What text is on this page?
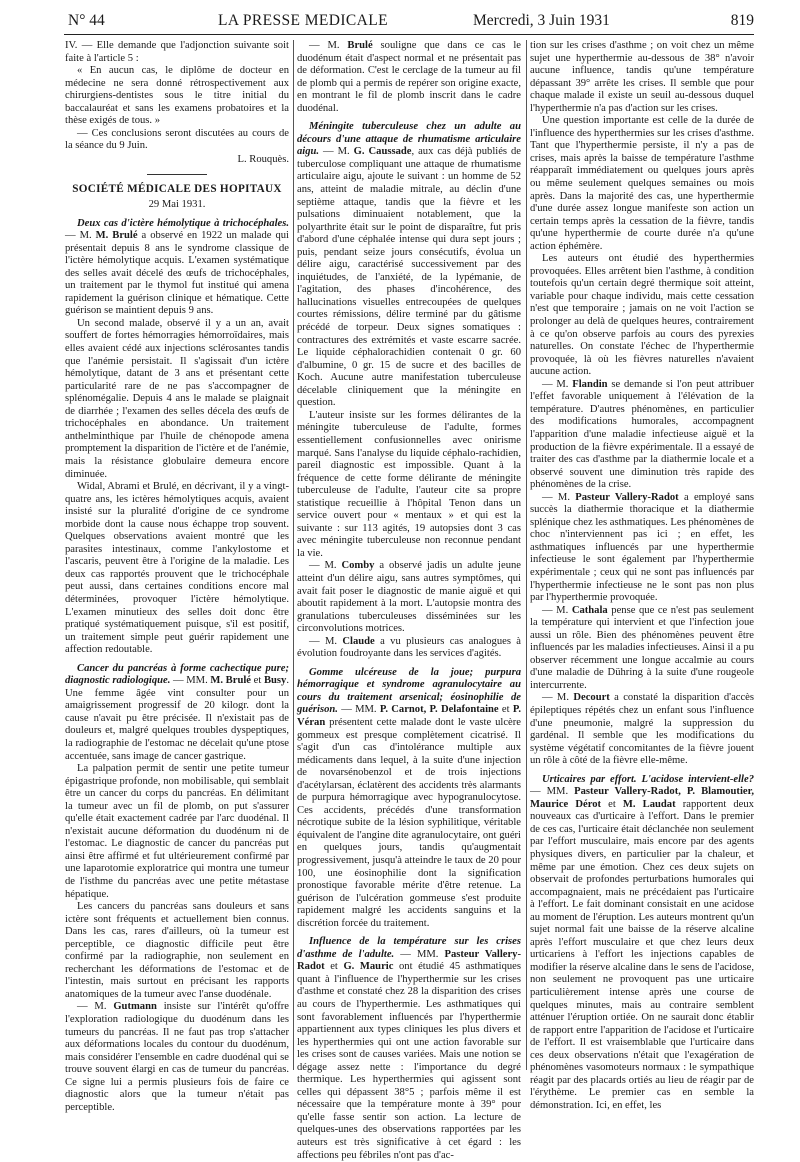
N° 44	LA PRESSE MEDICALE	Mercredi, 3 Juin 1931	819

IV. — Elle demande que l'adjonction suivante soit faite à l'article 5 :

« En aucun cas, le diplôme de docteur en médecine ne sera donné rétrospectivement aux chirurgiens-dentistes sous le titre initial du baccalauréat et sans les examens probatoires et la thèse exigés de tous. »

— Ces conclusions seront discutées au cours de la séance du 9 Juin.

L. Rouquès.

SOCIÉTÉ MÉDICALE DES HOPITAUX

29 Mai 1931.

Deux cas d'ictère hémolytique à trichocéphales. — M. M. Brulé a observé en 1922 un malade qui présentait depuis 8 ans le syndrome classique de l'ictère hémolytique acquis. L'examen systématique des selles avait décelé des œufs de trichocéphales, un traitement par le thymol fut institué qui amena rapidement la guérison clinique et hématique. Cette guérison se maintient depuis 9 ans.

Un second malade, observé il y a un an, avait souffert de fortes hémorragies hémorroïdaires, mais elles avaient cédé aux injections sclérosantes tandis que l'anémie persistait. Il s'agissait d'un ictère hémolytique, datant de 3 ans et présentant cette particularité rare de ne pas s'accompagner de splénomégalie. Depuis 4 ans le malade se plaignait de diarrhée ; l'examen des selles décela des œufs de trichocéphales en abondance. Un traitement anthelminthique par l'huile de chénopode amena promptement la disparition de l'ictère et de l'anémie, mais la résistance globulaire demeura encore diminuée.

Widal, Abrami et Brulé, en décrivant, il y a vingt-quatre ans, les ictères hémolytiques acquis, avaient insisté sur la pluralité d'origine de ce syndrome morbide dont la cause nous échappe trop souvent. Quelques observations avaient montré que les parasites intestinaux, comme l'ankylostome et l'ascaris, peuvent être à l'origine de la maladie. Les deux cas rapportés prouvent que le trichocéphale peut aussi, dans certaines conditions encore mal déterminées, provoquer l'ictère hémolytique. L'examen minutieux des selles doit donc être pratiqué systématiquement puisque, s'il est positif, un traitement simple peut guérir rapidement une affection redoutable.

Cancer du pancréas à forme cachectique pure; diagnostic radiologique. — MM. M. Brulé et Busy. Une femme âgée vint consulter pour un amaigrissement progressif de 20 kilogr. dont la cause n'avait pu être précisée. Il n'existait pas de douleurs et, malgré quelques troubles dyspeptiques, la radiographie de l'estomac ne décelait qu'une ptose accentuée, sans image de cancer gastrique.

La palpation permit de sentir une petite tumeur épigastrique profonde, non mobilisable, qui semblait être un cancer du corps du pancréas. En délimitant la tumeur avec un fil de plomb, on put s'assurer qu'elle était exactement cadrée par l'arc duodénal. Il n'existait aucune déformation du duodénum ni de l'estomac. Le diagnostic de cancer du pancréas put ainsi être affirmé et fut ultérieurement confirmé par une laparotomie exploratrice qui montra une tumeur de l'isthme du pancréas avec une petite métastase hépatique.

Les cancers du pancréas sans douleurs et sans ictère sont fréquents et actuellement bien connus. Dans les cas, rares d'ailleurs, où la tumeur est perceptible, ce diagnostic difficile peut être confirmé par la radiographie, non seulement en recherchant les déformations de l'estomac et de l'intestin, mais surtout en précisant les rapports anatomiques de la tumeur avec l'anse duodénale.

— M. Gutmann insiste sur l'intérêt qu'offre l'exploration radiologique du duodénum dans les tumeurs du pancréas. Il ne faut pas trop s'attacher aux déformations locales du contour du duodénum, mais considérer l'ensemble en cadre duodénal qui se trouve souvent élargi en cas de tumeur du pancréas. Ce signe lui a permis plusieurs fois de faire ce diagnostic alors que la tumeur n'était pas perceptible.

— M. Brulé souligne que dans ce cas le duodénum était d'aspect normal et ne présentait pas de déformation. C'est le cerclage de la tumeur au fil de plomb qui a permis de repérer son origine exacte, en montrant le fil de plomb inscrit dans le cadre duodénal.

Méningite tuberculeuse chez un adulte au décours d'une attaque de rhumatisme articulaire aigu. — M. G. Caussade, aux cas déjà publiés de tuberculose compliquant une attaque de rhumatisme articulaire aigu, ajoute le suivant : un homme de 52 ans, atteint de maladie mitrale, au déclin d'une septième attaque, tandis que la fièvre et les pulsations diminuaient notablement, que la polyarthrite était sur le point de disparaître, fut pris d'abord d'une céphalée intense qui dura sept jours ; puis, pendant seize jours consécutifs, évolua un délire aigu, caractérisé successivement par des inquiétudes, de l'anxiété, de la lypémanie, de l'agitation, des phases d'incohérence, des hallucinations visuelles entrecoupées de quelques courtes rémissions, délire terminé par du gâtisme précédé de torpeur. Deux signes somatiques : contractures des extrémités et vaste escarre sacrée. Le liquide céphalorachidien contenait 0 gr. 60 d'albumine, 0 gr. 15 de sucre et des bacilles de Koch. Aucune autre manifestation tuberculeuse décelable cliniquement que la méningite en question.

L'auteur insiste sur les formes délirantes de la méningite tuberculeuse de l'adulte, formes essentiellement confusionnelles avec onirisme marqué. Sans l'analyse du liquide céphalo-rachidien, pareil diagnostic est impossible. Quant à la fréquence de cette forme délirante de méningite tuberculeuse de l'adulte, l'auteur cite sa propre statistique recueillie à l'hôpital Tenon dans un service ouvert pour « mentaux » et qui est la suivante : sur 113 agités, 19 autopsies dont 3 cas avec méningite tuberculeuse non reconnue pendant la vie.

— M. Comby a observé jadis un adulte jeune atteint d'un délire aigu, sans autres symptômes, qui avait fait poser le diagnostic de manie aiguë et qui aboutit rapidement à la mort. L'autopsie montra des granulations tuberculeuses disséminées sur les circonvolutions motrices.

— M. Claude a vu plusieurs cas analogues à évolution foudroyante dans les services d'agités.

Gomme ulcéreuse de la joue; purpura hémorragique et syndrome agranulocytaire au cours du traitement arsenical; éosinophilie de guérison. — MM. P. Carnot, P. Delafontaine et P. Véran présentent cette malade dont le vaste ulcère gommeux est presque complètement cicatrisé. Il s'agit d'un cas d'intolérance multiple aux médicaments dans lequel, à la suite d'une injection de novarsénobenzol et de trois injections d'acétylarsan, éclatèrent des accidents très alarmants de purpura hémorragique avec hypogranulocytose. Ces accidents, précédés d'une transformation nécrotique subite de la lésion syphilitique, véritable équivalent de l'angine dite agranulocytaire, ont guéri en quelques jours, tandis qu'augmentait progressivement, jusqu'à atteindre le taux de 20 pour 100, une éosinophilie dont la signification pronostique favorable mérite d'être retenue. La guérison de l'ulcération gommeuse s'est produite rapidement malgré les accidents sanguins et la discrétion forcée du traitement.

Influence de la température sur les crises d'asthme de l'adulte. — MM. Pasteur Vallery-Radot et G. Mauric ont étudié 45 asthmatiques quant à l'influence de l'hyperthermie sur les crises d'asthme et constaté chez 28 la disparition des crises au cours de l'hyperthermie. Les asthmatiques qui sont favorablement influencés par l'hyperthermie appartiennent aux types cliniques les plus divers et les hyperthermies qui ont une action favorable sur les crises sont de causes variées. Mais une notion se dégage assez nette : l'importance du degré thermique. Les hyperthermies qui agissent sont celles qui dépassent 38°5 ; parfois même il est nécessaire que la température monte à 39° pour qu'elle fasse sentir son action. La lecture de quelques-unes des observations rapportées par les auteurs est très significative à cet égard : les affections peu fébriles n'ont pas d'ac-

tion sur les crises d'asthme ; on voit chez un même sujet une hyperthermie au-dessous de 38° n'avoir aucune influence, tandis qu'une température dépassant 39° arrête les crises. Il semble que pour chaque malade il existe un seuil au-dessous duquel l'hyperthermie n'a pas d'action sur les crises.

Une question importante est celle de la durée de l'influence des hyperthermies sur les crises d'asthme. Tant que l'hyperthermie persiste, il n'y a pas de crises, mais après la baisse de température l'asthme réapparaît immédiatement ou quelques jours après ou même seulement quelques semaines ou mois après. Dans la majorité des cas, une hyperthermie d'une durée assez longue manifeste son action un certain temps après la cessation de la fièvre, tandis qu'une hyperthermie de courte durée n'a qu'une action éphémère.

Les auteurs ont étudié des hyperthermies provoquées. Elles arrêtent bien l'asthme, à condition toutefois qu'un certain degré thermique soit atteint, variable pour chaque individu, mais cette cessation n'est que temporaire ; jamais on ne voit l'action se prolonger au delà de quelques heures, contrairement à ce qu'on observe parfois au cours des pyrexies naturelles. On constate l'échec de l'hyperthermie provoquée, là où les fièvres naturelles n'avaient aucune action.

— M. Flandin se demande si l'on peut attribuer l'effet favorable uniquement à l'élévation de la température. D'autres phénomènes, en particulier des modifications humorales, accompagnent l'apparition d'une maladie infectieuse aiguë et la production de la fièvre expérimentale. Il a essayé de traiter des cas d'asthme par la diathermie locale et a observé souvent une diminution très rapide des phénomènes de la crise.

— M. Pasteur Vallery-Radot a employé sans succès la diathermie thoracique et la diathermie splénique chez les asthmatiques. Les phénomènes de choc n'interviennent pas ici ; en effet, les asthmatiques influencés par une hyperthermie infectieuse le sont également par l'hyperthermie expérimentale ; ceux qui ne sont pas influencés par l'hyperthermie infectieuse ne le sont pas non plus par l'hyperthermie provoquée.

— M. Cathala pense que ce n'est pas seulement la température qui intervient et que l'infection joue aussi un rôle. Bien des phénomènes peuvent être influencés par les maladies infectieuses. Ainsi il a pu observer récemment une longue accalmie au cours d'une maladie de Dühring à la suite d'une rougeole intercurrente.

— M. Decourt a constaté la disparition d'accès épileptiques répétés chez un enfant sous l'influence d'une pneumonie, malgré la suppression du gardénal. Il semble que les modifications du système végétatif concomitantes de la fièvre jouent un rôle à côté de la fièvre elle-même.

Urticaires par effort. L'acidose intervient-elle? — MM. Pasteur Vallery-Radot, P. Blamoutier, Maurice Dérot et M. Laudat rapportent deux nouveaux cas d'urticaire à l'effort. Dans le premier de ces cas, l'urticaire était déclanchée non seulement par l'effort musculaire, mais encore par des agents physiques divers, en particulier par la chaleur, et même par une émotion. Chez ces deux sujets on observait de profondes perturbations humorales qui accompagnaient, mais ne précédaient pas l'urticaire à l'effort. Le fait dominant consistait en une acidose au moment de l'éruption. Les auteurs montrent qu'un sujet normal fait une baisse de la réserve alcaline après l'effort musculaire et que chez leurs deux urticariens à l'effort les injections capables de modifier la réserve alcaline dans le sens de l'acidose, non seulement ne provoquent pas une urticaire particulièrement intense après une course de quelques minutes, mais au contraire semblent atténuer l'éruption ortiée. On ne saurait donc établir de rapport entre l'apparition de l'acidose et l'urticaire de l'effort. Il est vraisemblable que l'urticaire dans ces deux observations n'était que l'exagération de phénomènes vasomoteurs normaux : le sympathique réagit par des placards ortiés au lieu de réagir par de l'érythème. Le premier cas en semble la démonstration. Ici, en effet, les
